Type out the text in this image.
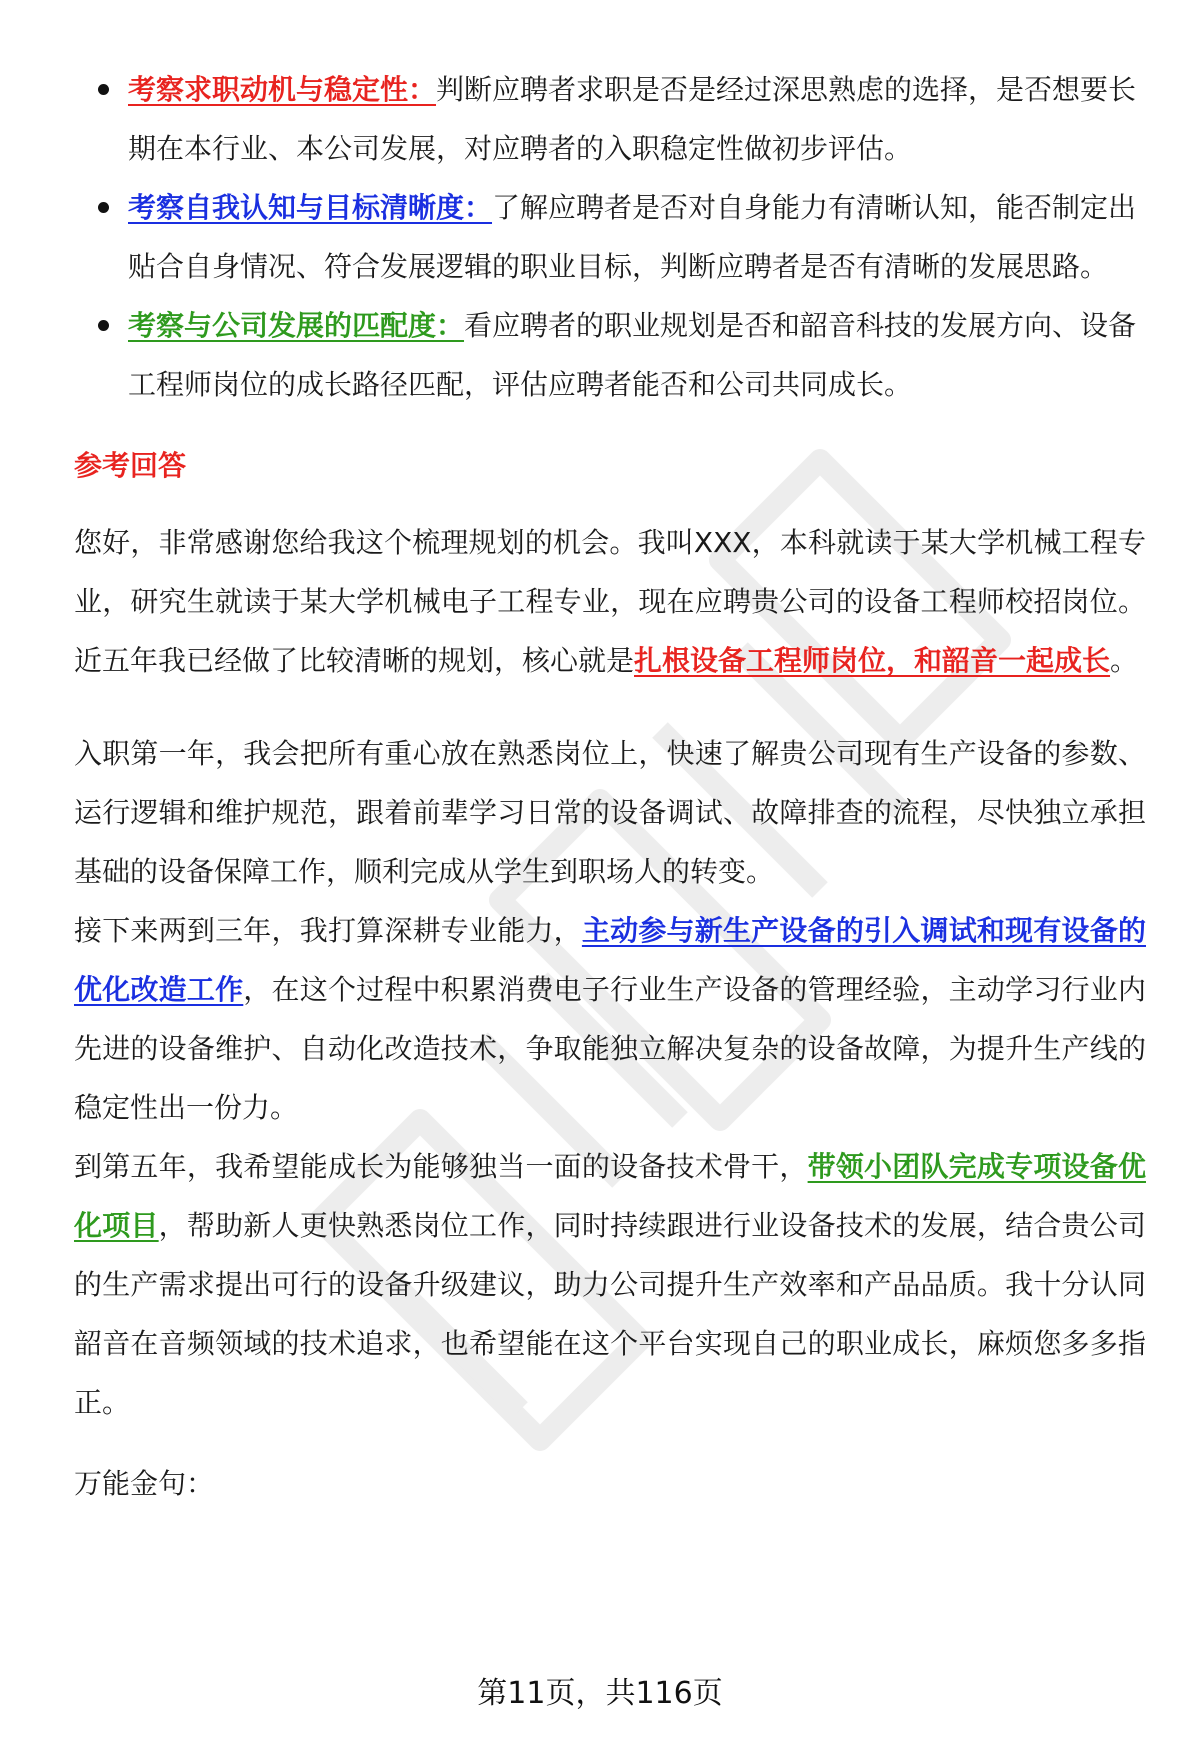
考察求职动机与稳定性：判断应聘者求职是否是经过深思熟虑的选择，是否想要长期在本行业、本公司发展，对应聘者的入职稳定性做初步评估。
考察自我认知与目标清晰度：了解应聘者是否对自身能力有清晰认知，能否制定出贴合自身情况、符合发展逻辑的职业目标，判断应聘者是否有清晰的发展思路。
考察与公司发展的匹配度：看应聘者的职业规划是否和韶音科技的发展方向、设备工程师岗位的成长路径匹配，评估应聘者能否和公司共同成长。
参考回答

您好，非常感谢您给我这个梳理规划的机会。我叫XXX，本科就读于某大学机械工程专业，研究生就读于某大学机械电子工程专业，现在应聘贵公司的设备工程师校招岗位。近五年我已经做了比较清晰的规划，核心就是扎根设备工程师岗位，和韶音一起成长。

入职第一年，我会把所有重心放在熟悉岗位上，快速了解贵公司现有生产设备的参数、运行逻辑和维护规范，跟着前辈学习日常的设备调试、故障排查的流程，尽快独立承担基础的设备保障工作，顺利完成从学生到职场人的转变。

接下来两到三年，我打算深耕专业能力，主动参与新生产设备的引入调试和现有设备的优化改造工作，在这个过程中积累消费电子行业生产设备的管理经验，主动学习行业内先进的设备维护、自动化改造技术，争取能独立解决复杂的设备故障，为提升生产线的稳定性出一份力。

到第五年，我希望能成长为能够独当一面的设备技术骨干，带领小团队完成专项设备优化项目，帮助新人更快熟悉岗位工作，同时持续跟进行业设备技术的发展，结合贵公司的生产需求提出可行的设备升级建议，助力公司提升生产效率和产品品质。我十分认同韶音在音频领域的技术追求，也希望能在这个平台实现自己的职业成长，麻烦您多多指正。

万能金句：

第11页，共116页
